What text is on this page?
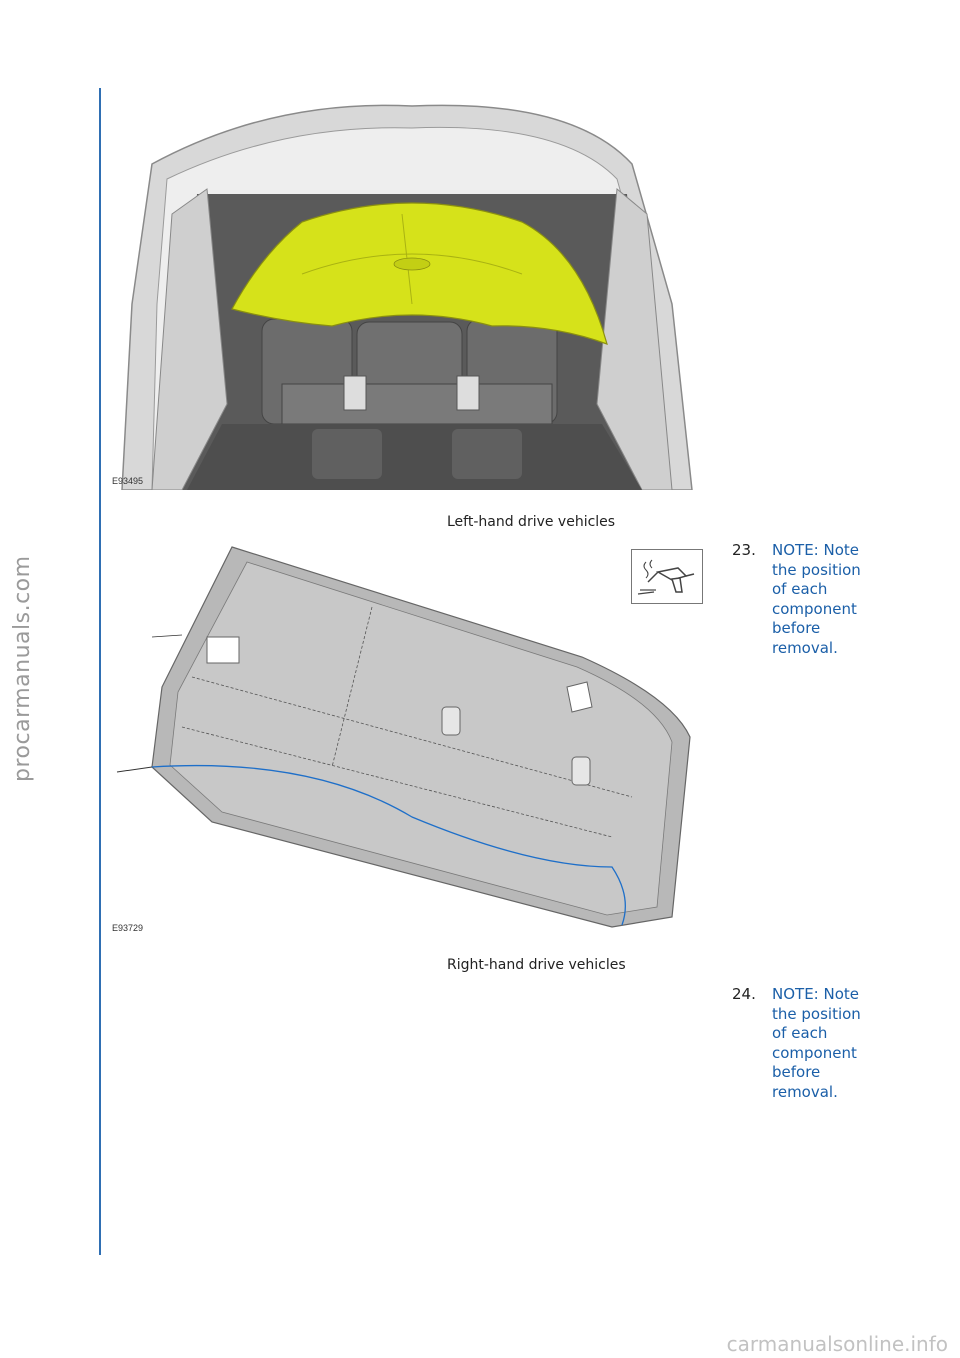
procarmanuals.com
carmanualsonline.info
E93495
Left-hand drive vehicles
23. NOTE: Note the position of each component before removal.
E93729
Right-hand drive vehicles
24. NOTE: Note the position of each component before removal.
